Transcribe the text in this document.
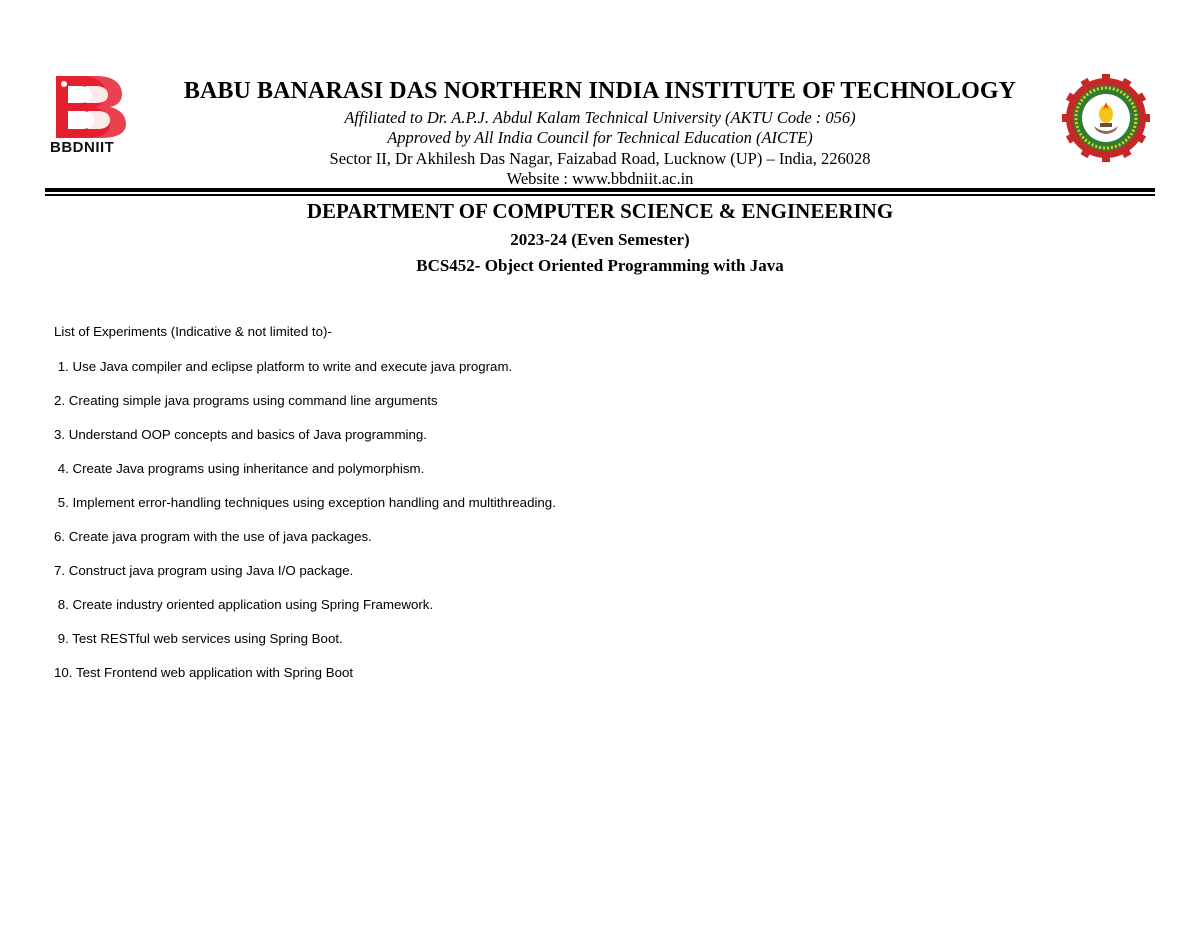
BBDNIIT
BABU BANARASI DAS NORTHERN INDIA INSTITUTE OF TECHNOLOGY
Affiliated to Dr. A.P.J. Abdul Kalam Technical University (AKTU Code : 056)
Approved by All India Council for Technical Education (AICTE)
Sector II, Dr Akhilesh Das Nagar, Faizabad Road, Lucknow (UP) – India, 226028
Website : www.bbdniit.ac.in
DEPARTMENT OF COMPUTER SCIENCE & ENGINEERING
2023-24 (Even Semester)
BCS452- Object Oriented Programming with Java
List of Experiments (Indicative & not limited to)-
1. Use Java compiler and eclipse platform to write and execute java program.
2. Creating simple java programs using command line arguments
3. Understand OOP concepts and basics of Java programming.
4. Create Java programs using inheritance and polymorphism.
5. Implement error-handling techniques using exception handling and multithreading.
6. Create java program with the use of java packages.
7. Construct java program using Java I/O package.
8. Create industry oriented application using Spring Framework.
9. Test RESTful web services using Spring Boot.
10. Test Frontend web application with Spring Boot
